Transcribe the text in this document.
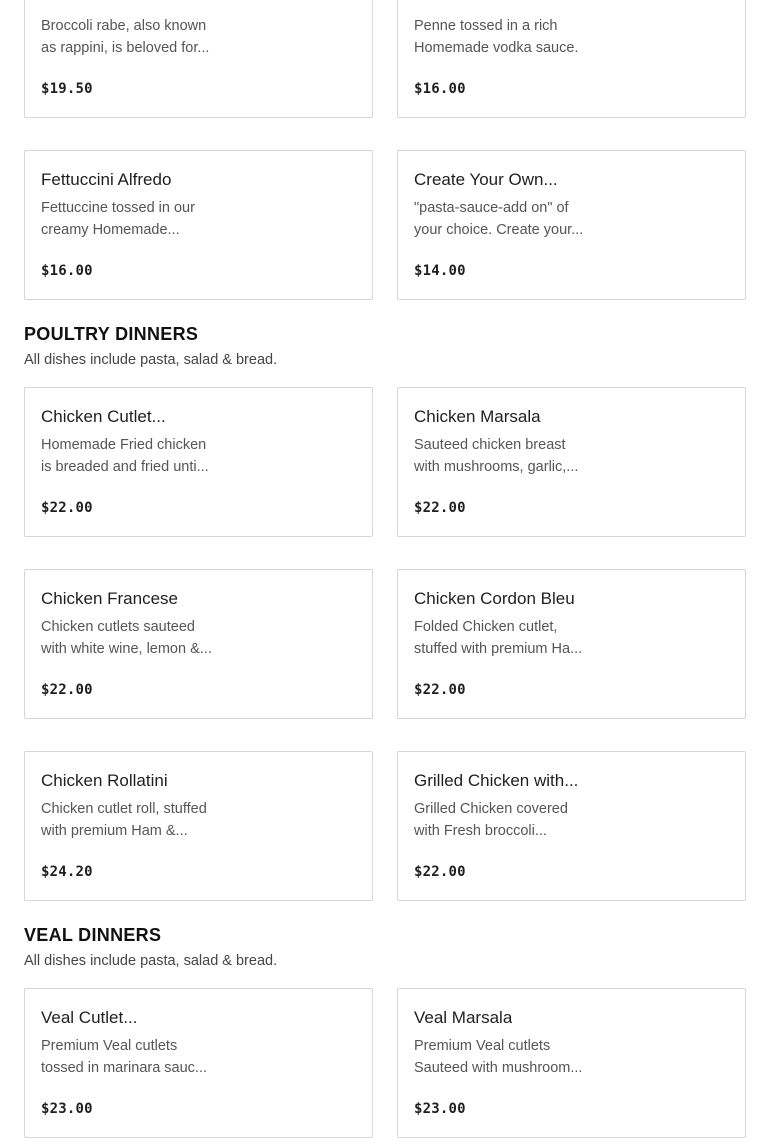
Broccoli rabe, also known
as rappini, is beloved for...
$19.50
Penne tossed in a rich
Homemade vodka sauce.
$16.00
Fettuccini Alfredo
Fettuccine tossed in our
creamy Homemade...
$16.00
Create Your Own...
"pasta-sauce-add on" of
your choice. Create your...
$14.00
POULTRY DINNERS

All dishes include pasta, salad & bread.

Chicken Cutlet...
Homemade Fried chicken
is breaded and fried unti...
$22.00
Chicken Marsala
Sauteed chicken breast
with mushrooms, garlic,...
$22.00
Chicken Francese
Chicken cutlets sauteed
with white wine, lemon &...
$22.00
Chicken Cordon Bleu
Folded Chicken cutlet,
stuffed with premium Ha...
$22.00
Chicken Rollatini
Chicken cutlet roll, stuffed
with premium Ham &...
$24.20
Grilled Chicken with...
Grilled Chicken covered
with Fresh broccoli...
$22.00
VEAL DINNERS

All dishes include pasta, salad & bread.

Veal Cutlet...
Premium Veal cutlets
tossed in marinara sauc...
$23.00
Veal Marsala
Premium Veal cutlets
Sauteed with mushroom...
$23.00
